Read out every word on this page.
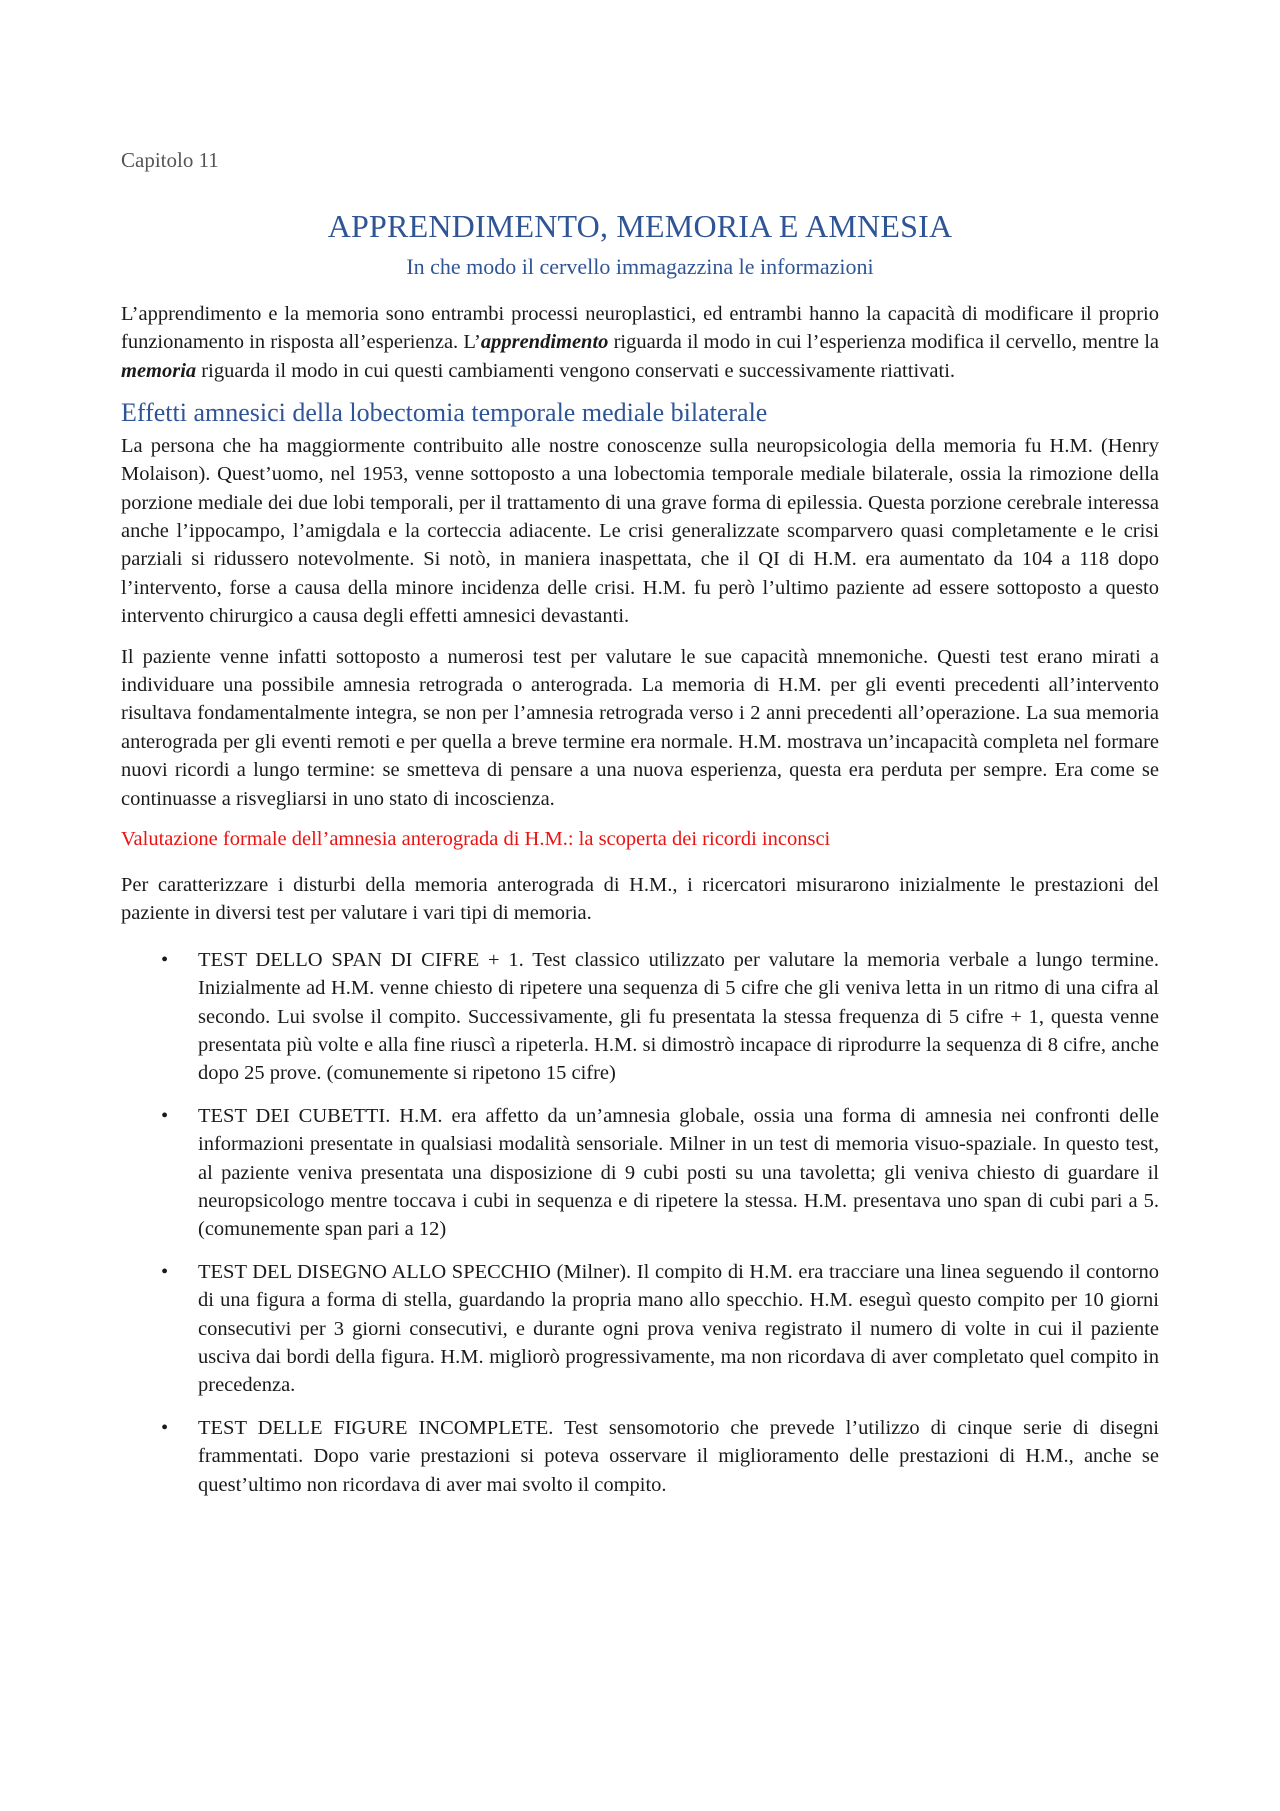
Capitolo 11
APPRENDIMENTO, MEMORIA E AMNESIA
In che modo il cervello immagazzina le informazioni

L’apprendimento e la memoria sono entrambi processi neuroplastici, ed entrambi hanno la capacità di modificare il proprio funzionamento in risposta all’esperienza. L’apprendimento riguarda il modo in cui l’esperienza modifica il cervello, mentre la memoria riguarda il modo in cui questi cambiamenti vengono conservati e successivamente riattivati.

Effetti amnesici della lobectomia temporale mediale bilaterale

La persona che ha maggiormente contribuito alle nostre conoscenze sulla neuropsicologia della memoria fu H.M. (Henry Molaison). Quest’uomo, nel 1953, venne sottoposto a una lobectomia temporale mediale bilaterale, ossia la rimozione della porzione mediale dei due lobi temporali, per il trattamento di una grave forma di epilessia. Questa porzione cerebrale interessa anche l’ippocampo, l’amigdala e la corteccia adiacente. Le crisi generalizzate scomparvero quasi completamente e le crisi parziali si ridussero notevolmente. Si notò, in maniera inaspettata, che il QI di H.M. era aumentato da 104 a 118 dopo l’intervento, forse a causa della minore incidenza delle crisi. H.M. fu però l’ultimo paziente ad essere sottoposto a questo intervento chirurgico a causa degli effetti amnesici devastanti.

Il paziente venne infatti sottoposto a numerosi test per valutare le sue capacità mnemoniche. Questi test erano mirati a individuare una possibile amnesia retrograda o anterograda. La memoria di H.M. per gli eventi precedenti all’intervento risultava fondamentalmente integra, se non per l’amnesia retrograda verso i 2 anni precedenti all’operazione. La sua memoria anterograda per gli eventi remoti e per quella a breve termine era normale. H.M. mostrava un’incapacità completa nel formare nuovi ricordi a lungo termine: se smetteva di pensare a una nuova esperienza, questa era perduta per sempre. Era come se continuasse a risvegliarsi in uno stato di incoscienza.

Valutazione formale dell’amnesia anterograda di H.M.: la scoperta dei ricordi inconsci

Per caratterizzare i disturbi della memoria anterograda di H.M., i ricercatori misurarono inizialmente le prestazioni del paziente in diversi test per valutare i vari tipi di memoria.

• TEST DELLO SPAN DI CIFRE + 1. Test classico utilizzato per valutare la memoria verbale a lungo termine. Inizialmente ad H.M. venne chiesto di ripetere una sequenza di 5 cifre che gli veniva letta in un ritmo di una cifra al secondo. Lui svolse il compito. Successivamente, gli fu presentata la stessa frequenza di 5 cifre + 1, questa venne presentata più volte e alla fine riuscì a ripeterla. H.M. si dimostrò incapace di riprodurre la sequenza di 8 cifre, anche dopo 25 prove. (comunemente si ripetono 15 cifre)

• TEST DEI CUBETTI. H.M. era affetto da un’amnesia globale, ossia una forma di amnesia nei confronti delle informazioni presentate in qualsiasi modalità sensoriale. Milner in un test di memoria visuo-spaziale. In questo test, al paziente veniva presentata una disposizione di 9 cubi posti su una tavoletta; gli veniva chiesto di guardare il neuropsicologo mentre toccava i cubi in sequenza e di ripetere la stessa. H.M. presentava uno span di cubi pari a 5. (comunemente span pari a 12)

• TEST DEL DISEGNO ALLO SPECCHIO (Milner). Il compito di H.M. era tracciare una linea seguendo il contorno di una figura a forma di stella, guardando la propria mano allo specchio. H.M. eseguì questo compito per 10 giorni consecutivi per 3 giorni consecutivi, e durante ogni prova veniva registrato il numero di volte in cui il paziente usciva dai bordi della figura. H.M. migliorò progressivamente, ma non ricordava di aver completato quel compito in precedenza.

• TEST DELLE FIGURE INCOMPLETE. Test sensomotorio che prevede l’utilizzo di cinque serie di disegni frammentati. Dopo varie prestazioni si poteva osservare il miglioramento delle prestazioni di H.M., anche se quest’ultimo non ricordava di aver mai svolto il compito.
